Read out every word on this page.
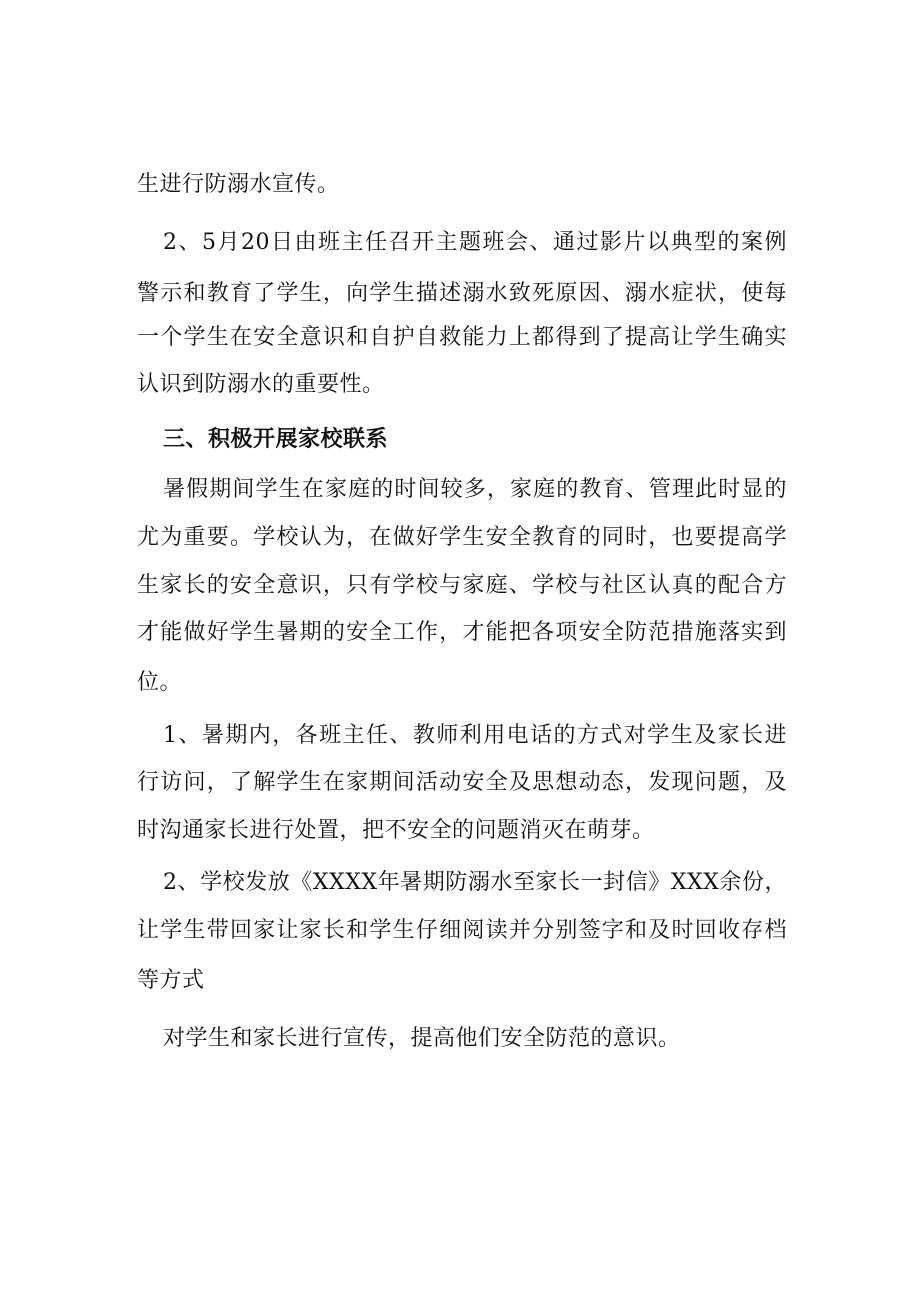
生进行防溺水宣传。
2、5月20日由班主任召开主题班会、通过影片以典型的案例
警示和教育了学生，向学生描述溺水致死原因、溺水症状，使每
一个学生在安全意识和自护自救能力上都得到了提高让学生确实
认识到防溺水的重要性。
三、积极开展家校联系
暑假期间学生在家庭的时间较多，家庭的教育、管理此时显的
尤为重要。学校认为，在做好学生安全教育的同时，也要提高学
生家长的安全意识，只有学校与家庭、学校与社区认真的配合方
才能做好学生暑期的安全工作，才能把各项安全防范措施落实到
位。
1、暑期内，各班主任、教师利用电话的方式对学生及家长进
行访问，了解学生在家期间活动安全及思想动态，发现问题，及
时沟通家长进行处置，把不安全的问题消灭在萌芽。
2、学校发放《XXXX年暑期防溺水至家长一封信》XXX余份，
让学生带回家让家长和学生仔细阅读并分别签字和及时回收存档
等方式
对学生和家长进行宣传，提高他们安全防范的意识。
